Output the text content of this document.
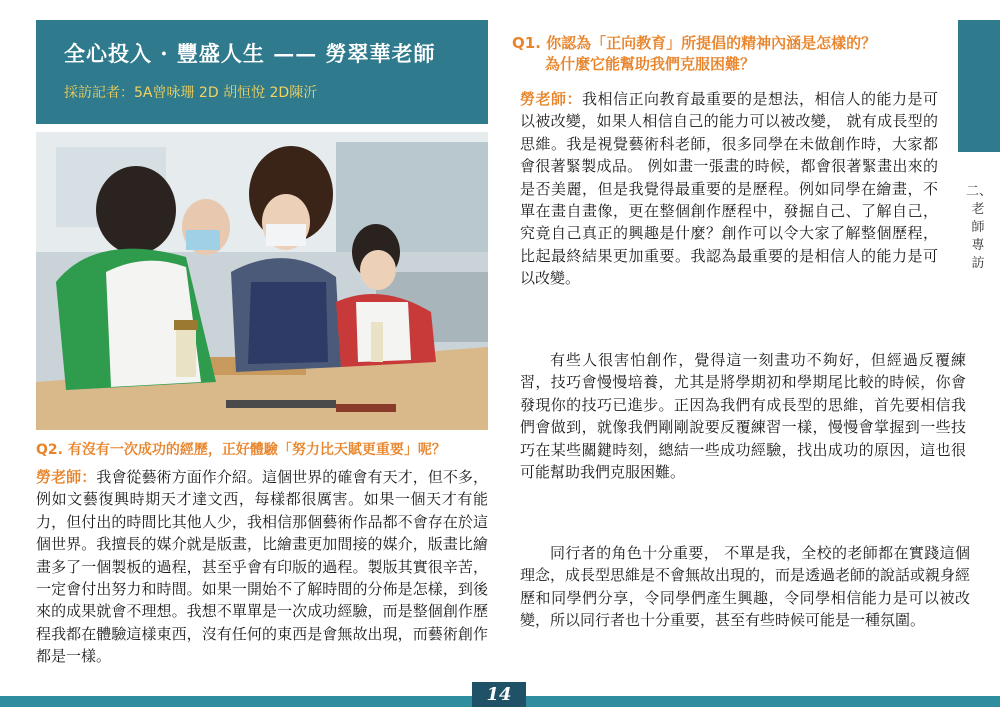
全心投入 · 豐盛人生 —— 勞翠華老師
採訪記者：5A曾咏珊 2D 胡恒悅 2D陳沂
Q2. 有沒有一次成功的經歷，正好體驗「努力比天賦更重要」呢？
勞老師：我會從藝術方面作介紹。這個世界的確會有天才，但不多，例如文藝復興時期天才達文西，每樣都很厲害。如果一個天才有能力，但付出的時間比其他人少，我相信那個藝術作品都不會存在於這個世界。我擅長的媒介就是版畫，比繪畫更加間接的媒介，版畫比繪畫多了一個製板的過程，甚至乎會有印版的過程。製版其實很辛苦，一定會付出努力和時間。如果一開始不了解時間的分佈是怎樣，到後來的成果就會不理想。我想不單單是一次成功經驗，而是整個創作歷程我都在體驗這樣東西，沒有任何的東西是會無故出現，而藝術創作都是一樣。
Q1. 你認為「正向教育」所提倡的精神內涵是怎樣的？
為什麼它能幫助我們克服困難？
勞老師：我相信正向教育最重要的是想法，相信人的能力是可以被改變，如果人相信自己的能力可以被改變， 就有成長型的思維。我是視覺藝術科老師，很多同學在未做創作時，大家都會很著緊製成品。 例如畫一張畫的時候，都會很著緊畫出來的是否美麗，但是我覺得最重要的是歷程。例如同學在繪畫，不單在畫自畫像，更在整個創作歷程中，發掘自己、了解自己，究竟自己真正的興趣是什麼？創作可以令大家了解整個歷程，比起最終結果更加重要。我認為最重要的是相信人的能力是可以改變。
有些人很害怕創作，覺得這一刻畫功不夠好，但經過反覆練習，技巧會慢慢培養，尤其是將學期初和學期尾比較的時候，你會發現你的技巧已進步。正因為我們有成長型的思維，首先要相信我們會做到，就像我們剛剛說要反覆練習一樣，慢慢會掌握到一些技巧在某些關鍵時刻，總結一些成功經驗，找出成功的原因，這也很可能幫助我們克服困難。
同行者的角色十分重要， 不單是我，全校的老師都在實踐這個理念，成長型思維是不會無故出現的，而是透過老師的說話或親身經歷和同學們分享，令同學們產生興趣，令同學相信能力是可以被改變，所以同行者也十分重要，甚至有些時候可能是一種氛圍。
二、老師專訪
14
